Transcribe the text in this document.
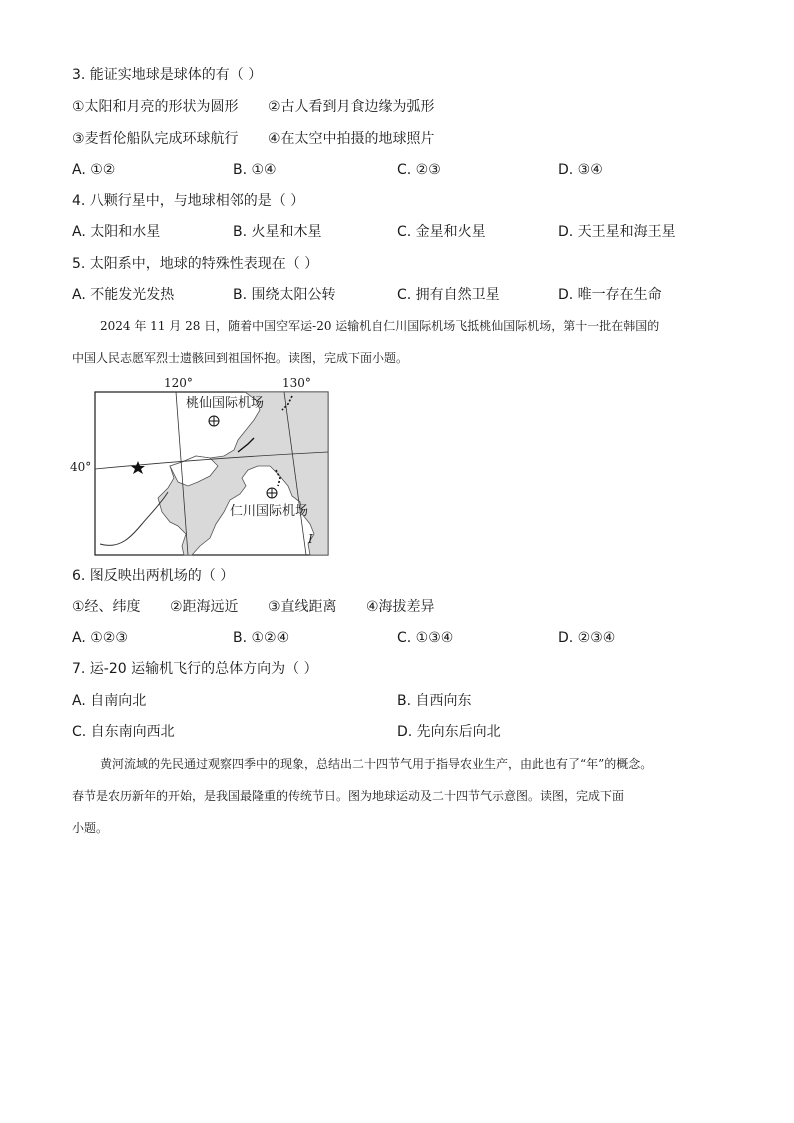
3. 能证实地球是球体的有（ ）
①太阳和月亮的形状为圆形 ②古人看到月食边缘为弧形
③麦哲伦船队完成环球航行 ④在太空中拍摄的地球照片
A. ①②	B. ①④	C. ②③	D. ③④
4. 八颗行星中，与地球相邻的是（ ）
A. 太阳和水星	B. 火星和木星	C. 金星和火星	D. 天王星和海王星
5. 太阳系中，地球的特殊性表现在（ ）
A. 不能发光发热	B. 围绕太阳公转	C. 拥有自然卫星	D. 唯一存在生命
2024 年 11 月 28 日，随着中国空军运-20 运输机自仁川国际机场飞抵桃仙国际机场，第十一批在韩国的
中国人民志愿军烈士遗骸回到祖国怀抱。读图，完成下面小题。
120°	130°
40°
桃仙国际机场
仁川国际机场
I
6. 图反映出两机场的（ ）
①经、纬度 ②距海远近 ③直线距离 ④海拔差异
A. ①②③	B. ①②④	C. ①③④	D. ②③④
7. 运-20 运输机飞行的总体方向为（ ）
A. 自南向北	B. 自西向东
C. 自东南向西北	D. 先向东后向北
黄河流域的先民通过观察四季中的现象，总结出二十四节气用于指导农业生产，由此也有了“年”的概念。
春节是农历新年的开始，是我国最隆重的传统节日。图为地球运动及二十四节气示意图。读图，完成下面
小题。
